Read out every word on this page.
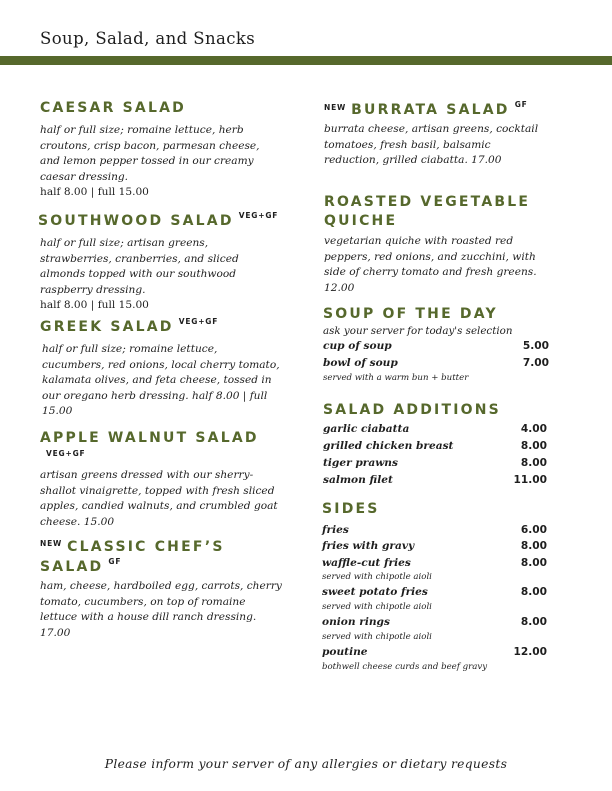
Soup, Salad, and Snacks
CAESAR SALAD
half or full size; romaine lettuce, herb croutons, crisp bacon, parmesan cheese, and lemon pepper tossed in our creamy caesar dressing.
half 8.00 | full 15.00
SOUTHWOOD SALAD $^{VEG+GF}$
half or full size; artisan greens, strawberries, cranberries, and sliced almonds topped with our southwood raspberry dressing.
half 8.00 | full 15.00
GREEK SALAD $^{VEG+GF}$
half or full size; romaine lettuce, cucumbers, red onions, local cherry tomato, kalamata olives, and feta cheese, tossed in our oregano herb dressing. half 8.00 | full 15.00
APPLE WALNUT SALAD $^{VEG+GF}$
artisan greens dressed with our sherry-shallot vinaigrette, topped with fresh sliced apples, candied walnuts, and crumbled goat cheese. 15.00
$^{NEW}$ CLASSIC CHEF’S SALAD $^{GF}$
ham, cheese, hardboiled egg, carrots, cherry tomato, cucumbers, on top of romaine lettuce with a house dill ranch dressing. 17.00
$^{NEW}$ BURRATA SALAD $^{GF}$
burrata cheese, artisan greens, cocktail tomatoes, fresh basil, balsamic reduction, grilled ciabatta. 17.00
ROASTED VEGETABLE QUICHE
vegetarian quiche with roasted red peppers, red onions, and zucchini, with side of cherry tomato and fresh greens. 12.00
SOUP OF THE DAY
ask your server for today's selection
cup of soup	5.00
bowl of soup	7.00
served with a warm bun + butter
SALAD ADDITIONS
garlic ciabatta	4.00
grilled chicken breast	8.00
tiger prawns	8.00
salmon filet	11.00
SIDES
fries	6.00
fries with gravy	8.00
waffle-cut fries	8.00
served with chipotle aioli
sweet potato fries	8.00
served with chipotle aioli
onion rings	8.00
served with chipotle aioli
poutine	12.00
bothwell cheese curds and beef gravy
Please inform your server of any allergies or dietary requests
